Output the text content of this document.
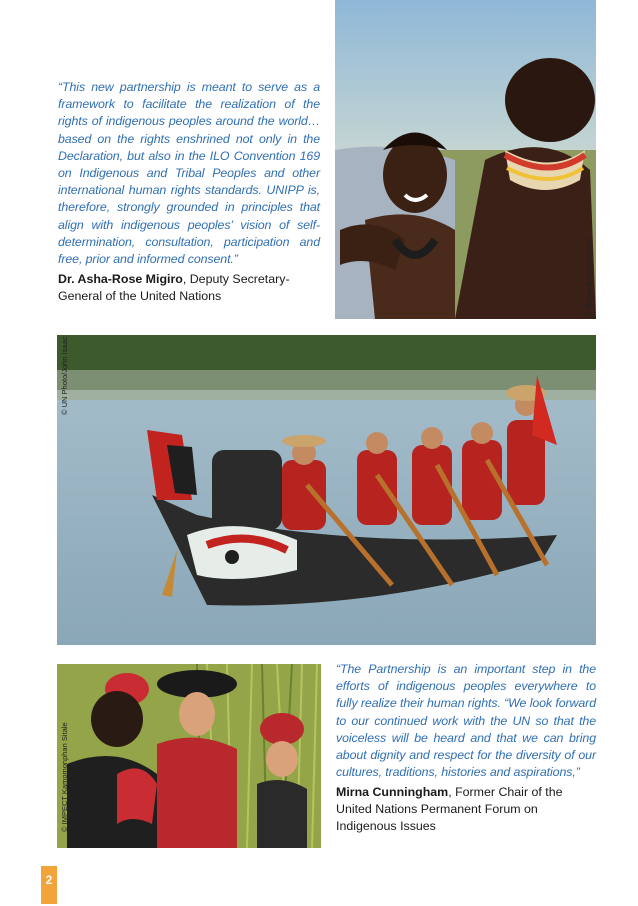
“This new partnership is meant to serve as a framework to facilitate the realization of the rights of indigenous peoples around the world… based on the rights enshrined not only in the Declaration, but also in the ILO Convention 169 on Indigenous and Tribal Peoples and other international human rights standards. UNIPP is, therefore, strongly grounded in principles that align with indigenous peoples’ vision of self-determination, consultation, participation and free, prior and informed consent.”
Dr. Asha-Rose Migiro, Deputy Secretary-General of the United Nations	© Survival International
© UN Photo/John Isaac
© IMPECT Kampmonphan Sitale
“The Partnership is an important step in the efforts of indigenous peoples everywhere to fully realize their human rights. “We look forward to our continued work with the UN so that the voiceless will be heard and that we can bring about dignity and respect for the diversity of our cultures, traditions, histories and aspirations,”
Mirna Cunningham, Former Chair of the United Nations Permanent Forum on Indigenous Issues
2
